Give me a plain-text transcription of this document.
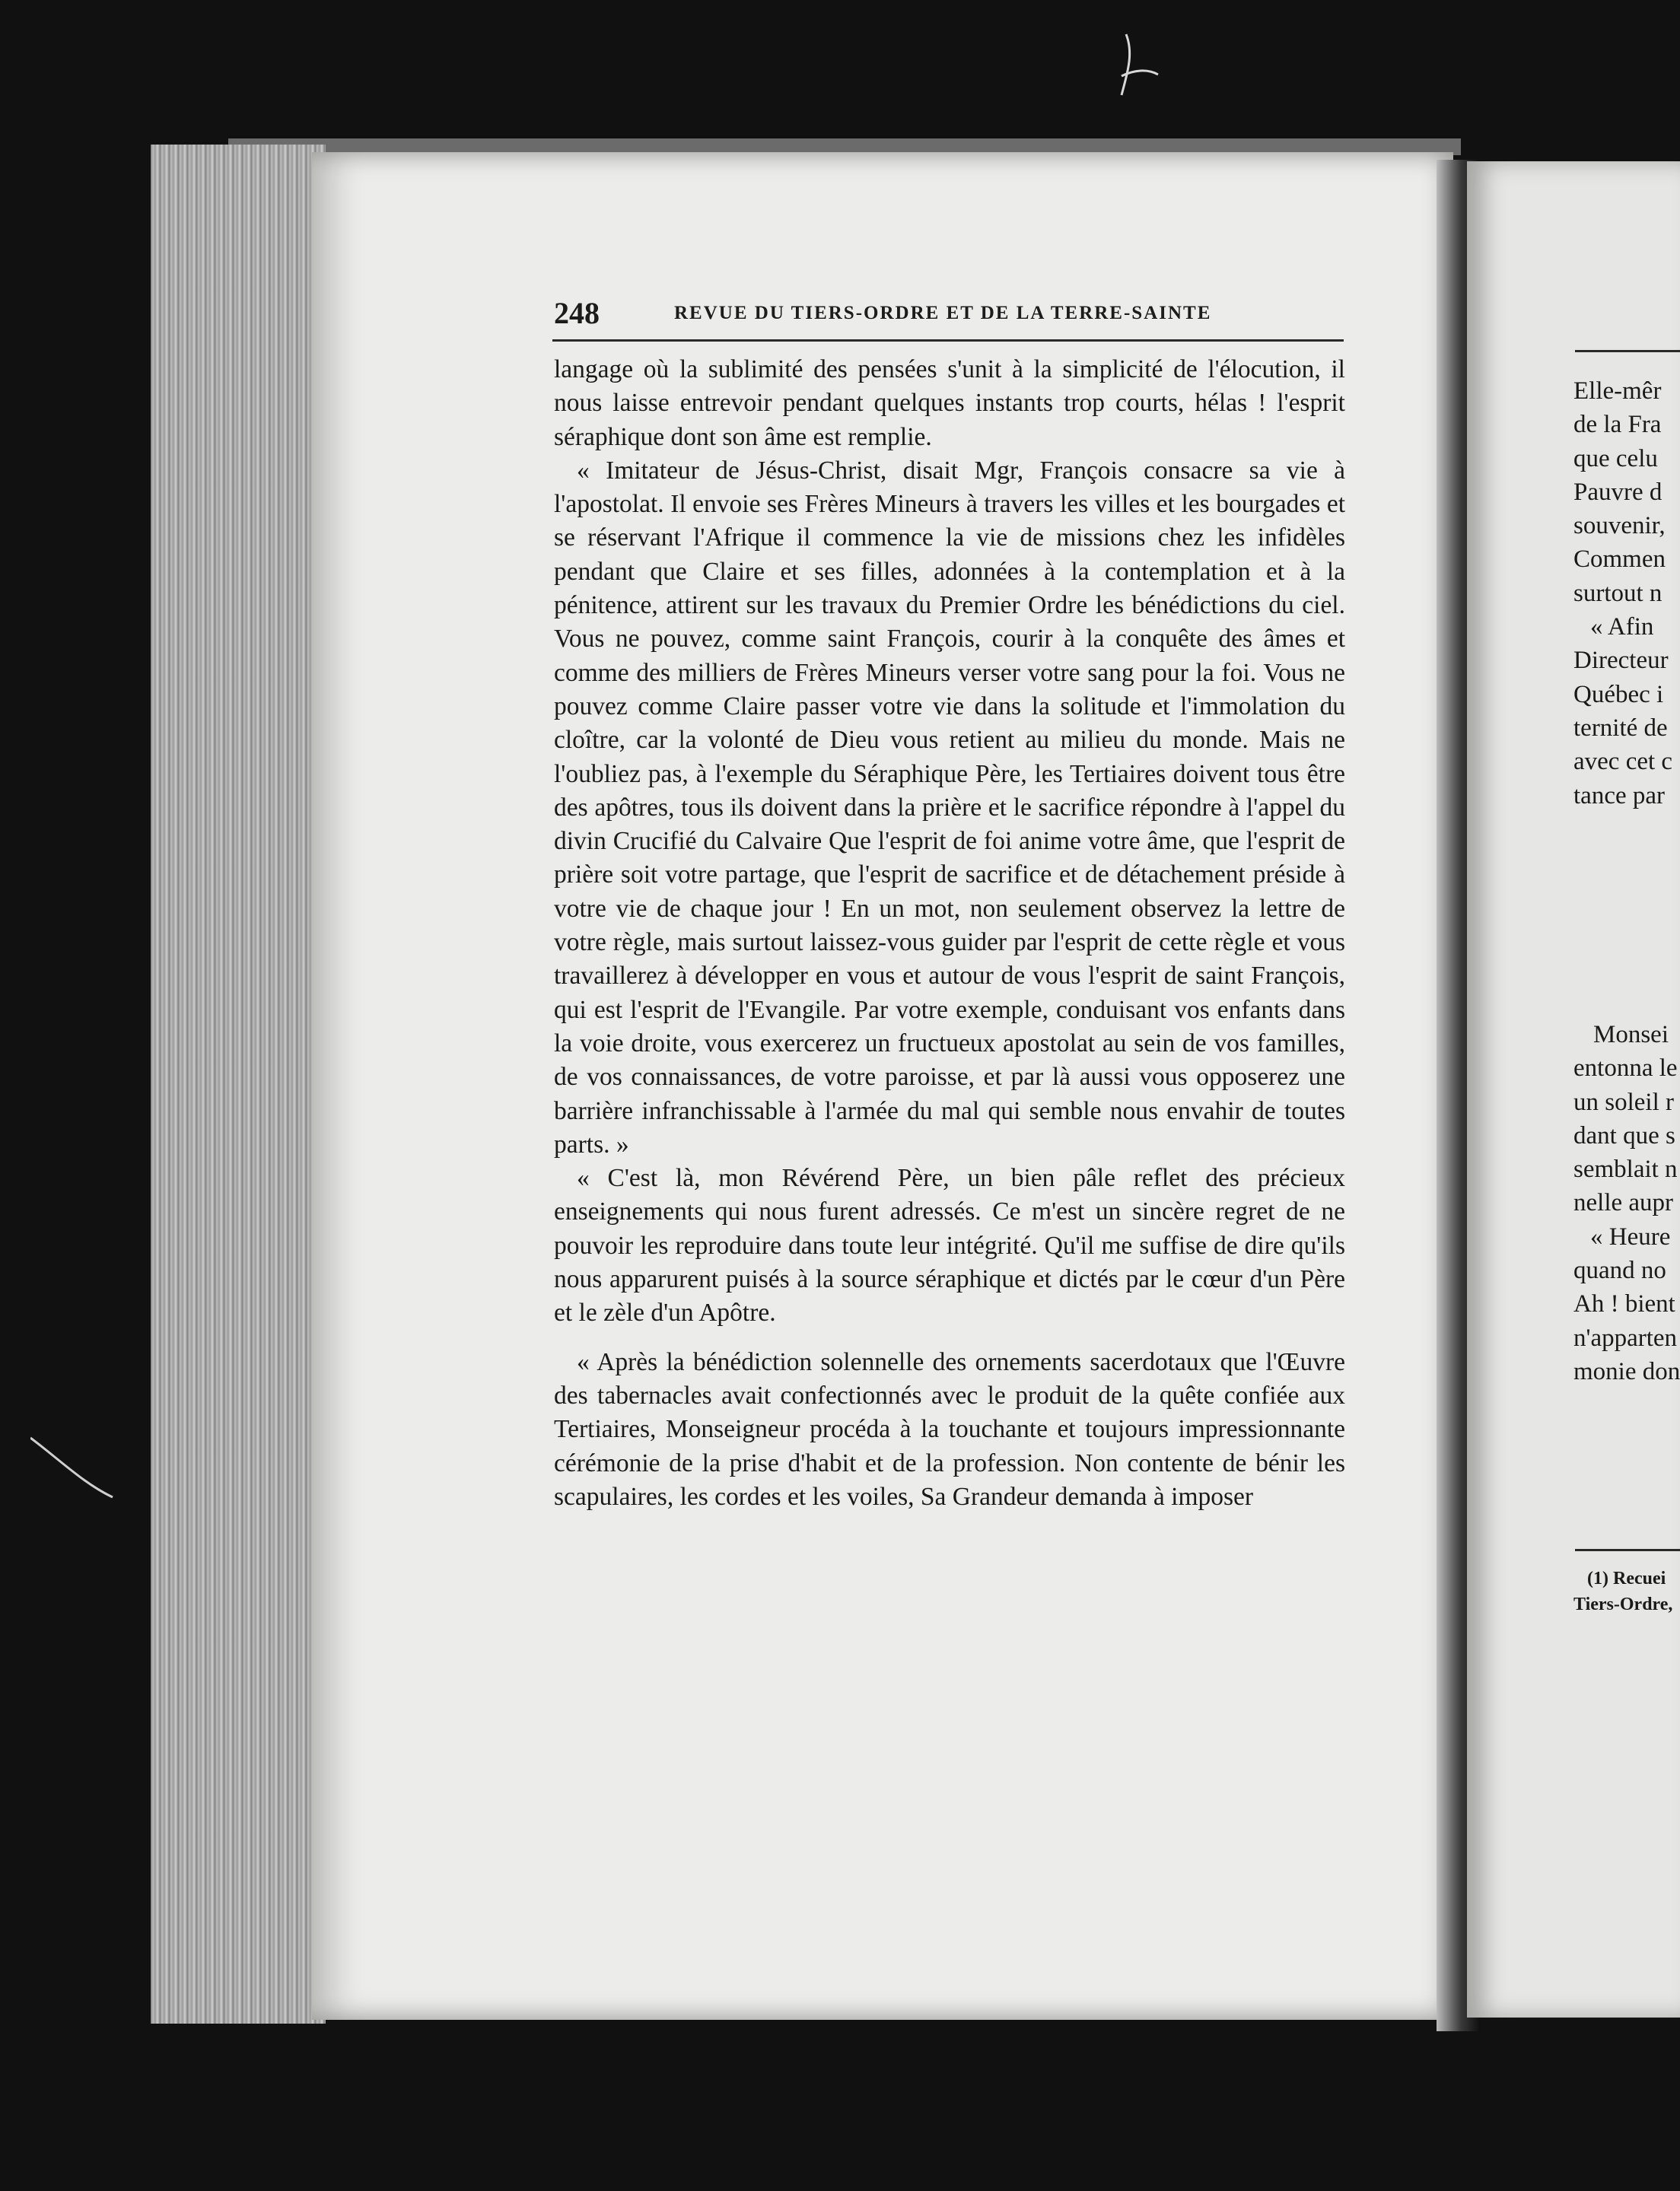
248	REVUE DU TIERS-ORDRE ET DE LA TERRE-SAINTE

langage où la sublimité des pensées s'unit à la simplicité de l'élocution, il nous laisse entrevoir pendant quelques instants trop courts, hélas ! l'esprit séraphique dont son âme est remplie.

« Imitateur de Jésus-Christ, disait Mgr, François consacre sa vie à l'apostolat. Il envoie ses Frères Mineurs à travers les villes et les bourgades et se réservant l'Afrique il commence la vie de missions chez les infidèles pendant que Claire et ses filles, adonnées à la contemplation et à la pénitence, attirent sur les travaux du Premier Ordre les bénédictions du ciel. Vous ne pouvez, comme saint François, courir à la conquête des âmes et comme des milliers de Frères Mineurs verser votre sang pour la foi. Vous ne pouvez comme Claire passer votre vie dans la solitude et l'immolation du cloître, car la volonté de Dieu vous retient au milieu du monde. Mais ne l'oubliez pas, à l'exemple du Séraphique Père, les Tertiaires doivent tous être des apôtres, tous ils doivent dans la prière et le sacrifice répondre à l'appel du divin Crucifié du Calvaire Que l'esprit de foi anime votre âme, que l'esprit de prière soit votre partage, que l'esprit de sacrifice et de détachement préside à votre vie de chaque jour ! En un mot, non seulement observez la lettre de votre règle, mais surtout laissez-vous guider par l'esprit de cette règle et vous travaillerez à développer en vous et autour de vous l'esprit de saint François, qui est l'esprit de l'Evangile. Par votre exemple, conduisant vos enfants dans la voie droite, vous exercerez un fructueux apostolat au sein de vos familles, de vos connaissances, de votre paroisse, et par là aussi vous opposerez une barrière infranchissable à l'armée du mal qui semble nous envahir de toutes parts. »

« C'est là, mon Révérend Père, un bien pâle reflet des précieux enseignements qui nous furent adressés. Ce m'est un sincère regret de ne pouvoir les reproduire dans toute leur intégrité. Qu'il me suffise de dire qu'ils nous apparurent puisés à la source séraphique et dictés par le cœur d'un Père et le zèle d'un Apôtre.

« Après la bénédiction solennelle des ornements sacerdotaux que l'Œuvre des tabernacles avait confectionnés avec le produit de la quête confiée aux Tertiaires, Monseigneur procéda à la touchante et toujours impressionnante cérémonie de la prise d'habit et de la profession. Non contente de bénir les scapulaires, les cordes et les voiles, Sa Grandeur demanda à imposer

Elle-mêr
de la Fra
que celu
Pauvre d
souvenir,
Commen
surtout n
« Afin
Directeur
Québec i
ternité de
avec cet c
tance par
Monsei
entonna le
un soleil r
dant que s
semblait n
nelle aupr
« Heure
quand no
Ah ! bient
n'apparten
monie don
(1) Recuei
Tiers-Ordre,
